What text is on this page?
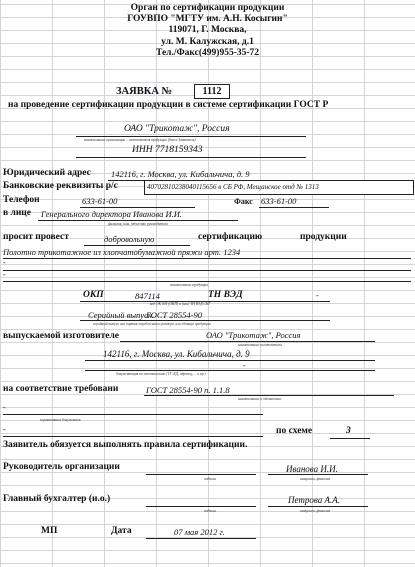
Орган по сертификации продукции
ГОУВПО "МГТУ им. А.Н. Косыгин"
119071, Г. Москва,
ул. М. Калужская, д.1
Тел./Факс(499)955-35-72
ЗАЯВКА №	1112
на проведение сертификации продукции в системе сертификации ГОСТ Р
ОАО "Трикотаж", Россия
наименование организации – изготовителя продукции (далее Заявитель)
ИНН 7718159343
Юридический адрес 142116, г. Москва, ул. Кибальчича, д. 9
Банковские реквизиты р/с	40702810238040115656 в СБ РФ, Мещанское отд № 1313
Телефон	633-61-00	Факс 633-61-00
в лице Генерального директора Иванова И.И.
фамилия, имя, отчество руководителя
просит провест	добровольную	сертификацию	продукции
Полотно трикотажное из хлопчатобумажной пряжи арт. 1234
-
-
наименование продукции
ОКП	847114	ТН ВЭД	-
код ОК 005 (ОКП) и (или) ТН ВЭД СНГ
Серийный выпуск.
ГОСТ 28554-90
серийный выпуск или партия определенного размера, или единица продукции
выпускаемой изготовителе	ОАО "Трикотаж", Россия
наименование изготовителя
142116, г. Москва, ул. Кибальчича, д. 9
-
документация по изготовлению (ТУ, КД, образец, ... и пр.)
на соответствие требовани	ГОСТ 28554-90 п. 1.1.8
наименование и обозначение
-
нормативных документов
-	по схеме	3
Заявитель обязуется выполнять правила сертификации.
Руководитель организации
подпись
Иванова И.И.
инициалы, фамилия
Главный бухгалтер (и.о.)
подпись
Петрова А.А.
инициалы, фамилия
МП	Дата	07 мая 2012 г.
